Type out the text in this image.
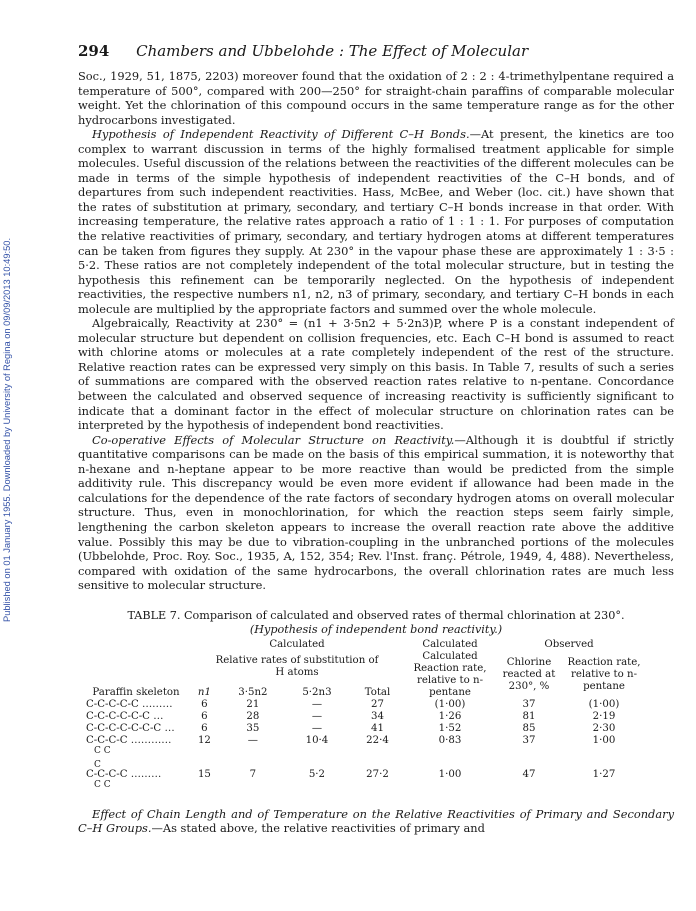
Published on 01 January 1955. Downloaded by University of Regina on 09/09/2013 10:49:50.
294 Chambers and Ubbelohde : The Effect of Molecular

Soc., 1929, 51, 1875, 2203) moreover found that the oxidation of 2 : 2 : 4-trimethylpentane required a temperature of 500°, compared with 200—250° for straight-chain paraffins of comparable molecular weight. Yet the chlorination of this compound occurs in the same temperature range as for the other hydrocarbons investigated.

Hypothesis of Independent Reactivity of Different C–H Bonds.—At present, the kinetics are too complex to warrant discussion in terms of the highly formalised treatment applicable for simple molecules. Useful discussion of the relations between the reactivities of the different molecules can be made in terms of the simple hypothesis of independent reactivities of the C–H bonds, and of departures from such independent reactivities. Hass, McBee, and Weber (loc. cit.) have shown that the rates of substitution at primary, secondary, and tertiary C–H bonds increase in that order. With increasing temperature, the relative rates approach a ratio of 1 : 1 : 1. For purposes of computation the relative reactivities of primary, secondary, and tertiary hydrogen atoms at different temperatures can be taken from figures they supply. At 230° in the vapour phase these are approximately 1 : 3·5 : 5·2. These ratios are not completely independent of the total molecular structure, but in testing the hypothesis this refinement can be temporarily neglected. On the hypothesis of independent reactivities, the respective numbers n1, n2, n3 of primary, secondary, and tertiary C–H bonds in each molecule are multiplied by the appropriate factors and summed over the whole molecule.

Algebraically, Reactivity at 230° = (n1 + 3·5n2 + 5·2n3)P, where P is a constant independent of molecular structure but dependent on collision frequencies, etc. Each C–H bond is assumed to react with chlorine atoms or molecules at a rate completely independent of the rest of the structure. Relative reaction rates can be expressed very simply on this basis. In Table 7, results of such a series of summations are compared with the observed reaction rates relative to n-pentane. Concordance between the calculated and observed sequence of increasing reactivity is sufficiently significant to indicate that a dominant factor in the effect of molecular structure on chlorination rates can be interpreted by the hypothesis of independent bond reactivities.

Co-operative Effects of Molecular Structure on Reactivity.—Although it is doubtful if strictly quantitative comparisons can be made on the basis of this empirical summation, it is noteworthy that n-hexane and n-heptane appear to be more reactive than would be predicted from the simple additivity rule. This discrepancy would be even more evident if allowance had been made in the calculations for the dependence of the rate factors of secondary hydrogen atoms on overall molecular structure. Thus, even in monochlorination, for which the reaction steps seem fairly simple, lengthening the carbon skeleton appears to increase the overall reaction rate above the additive value. Possibly this may be due to vibration-coupling in the unbranched portions of the molecules (Ubbelohde, Proc. Roy. Soc., 1935, A, 152, 354; Rev. l'Inst. franç. Pétrole, 1949, 4, 488). Nevertheless, compared with oxidation of the same hydrocarbons, the overall chlorination rates are much less sensitive to molecular structure.

TABLE 7. Comparison of calculated and observed rates of thermal chlorination at 230°.
(Hypothesis of independent bond reactivity.)
Paraffin skeleton	Calculated				Calculated	Observed	
	Relative rates of substitution of
H atoms				Calculated Reaction rate, relative to n-pentane	Chlorine reacted at 230°, %	Reaction rate, relative to n-pentane
	n1	3·5n2	5·2n3	Total			
C-C-C-C-C ………	6	21	—	27	(1·00)	37	(1·00)
C-C-C-C-C-C …	6	28	—	34	1·26	81	2·19
C-C-C-C-C-C-C …	6	35	—	41	1·52	85	2·30
C-C-C-C …………
C C	12	—	10·4	22·4	0·83	37	1·00

C
C-C-C-C ………
C C	15	7	5·2	27·2	1·00	47	1·27

Effect of Chain Length and of Temperature on the Relative Reactivities of Primary and Secondary C–H Groups.—As stated above, the relative reactivities of primary and
